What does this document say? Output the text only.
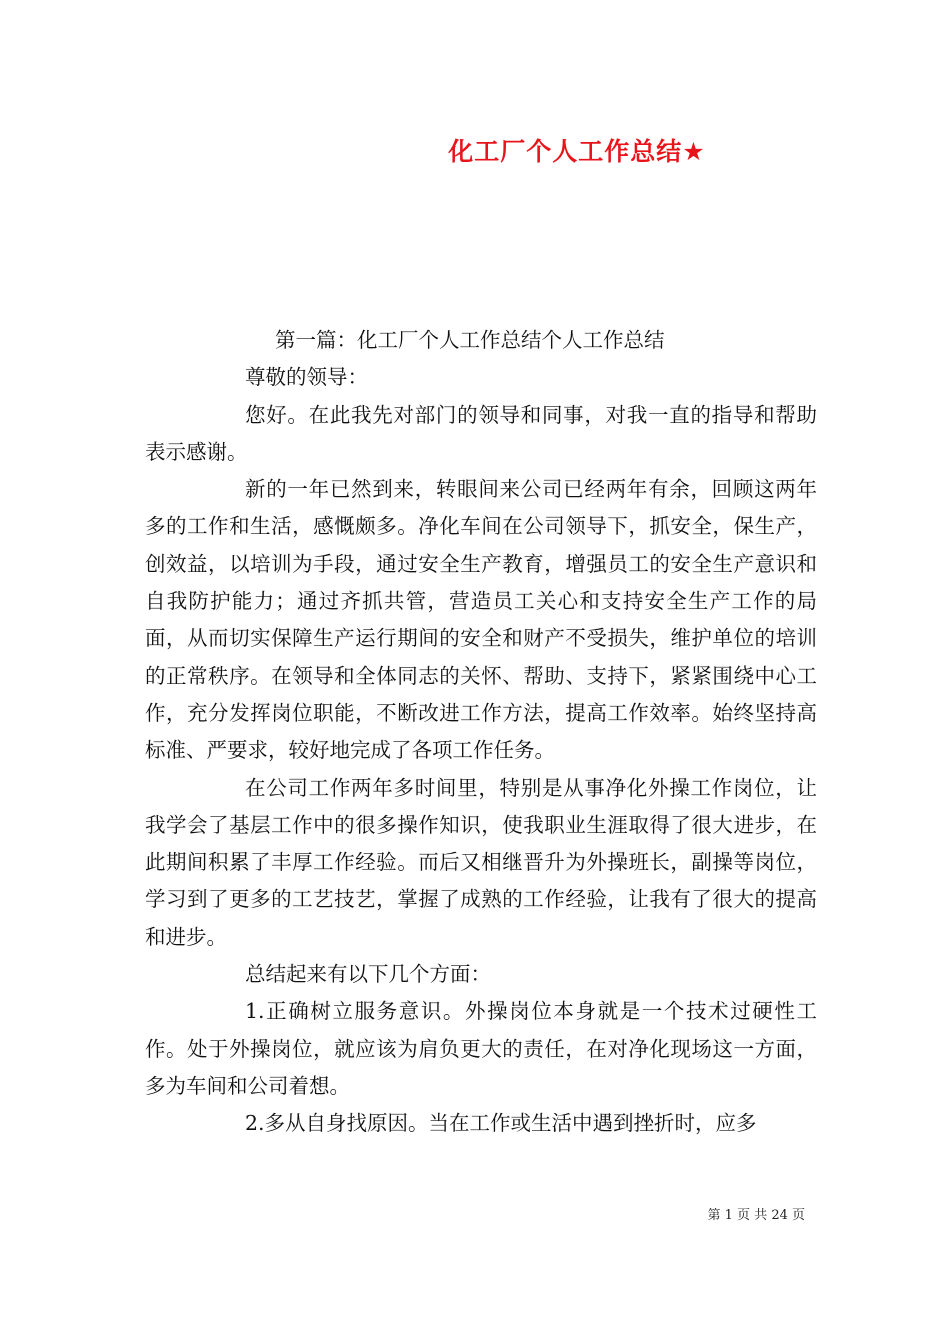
化工厂个人工作总结★

第一篇：化工厂个人工作总结个人工作总结

尊敬的领导：

您好。在此我先对部门的领导和同事，对我一直的指导和帮助表示感谢。

新的一年已然到来，转眼间来公司已经两年有余，回顾这两年多的工作和生活，感慨颇多。净化车间在公司领导下，抓安全，保生产，创效益，以培训为手段，通过安全生产教育，增强员工的安全生产意识和自我防护能力；通过齐抓共管，营造员工关心和支持安全生产工作的局面，从而切实保障生产运行期间的安全和财产不受损失，维护单位的培训的正常秩序。在领导和全体同志的关怀、帮助、支持下，紧紧围绕中心工作，充分发挥岗位职能，不断改进工作方法，提高工作效率。始终坚持高标准、严要求，较好地完成了各项工作任务。

在公司工作两年多时间里，特别是从事净化外操工作岗位，让我学会了基层工作中的很多操作知识，使我职业生涯取得了很大进步，在此期间积累了丰厚工作经验。而后又相继晋升为外操班长，副操等岗位，学习到了更多的工艺技艺，掌握了成熟的工作经验，让我有了很大的提高和进步。

总结起来有以下几个方面：

1.正确树立服务意识。外操岗位本身就是一个技术过硬性工作。处于外操岗位，就应该为肩负更大的责任，在对净化现场这一方面，多为车间和公司着想。

2.多从自身找原因。当在工作或生活中遇到挫折时，应多

第 1 页 共 24 页
